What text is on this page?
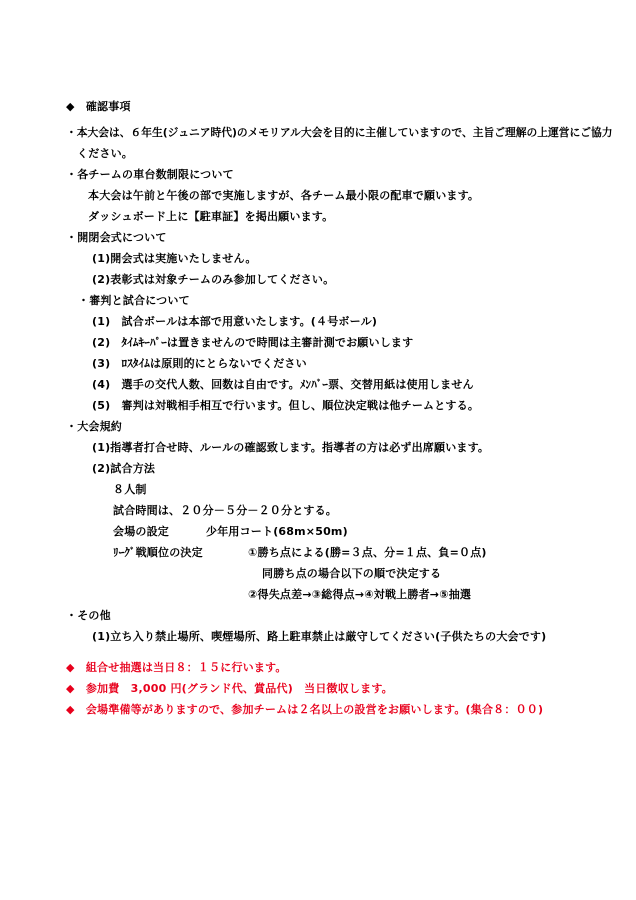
◆　確認事項
・本大会は、６年生(ジュニア時代)のメモリアル大会を目的に主催していますので、主旨ご理解の上運営にご協力
ください。
・各チームの車台数制限について
本大会は午前と午後の部で実施しますが、各チーム最小限の配車で願います。
ダッシュボード上に【駐車証】を掲出願います。
・開閉会式について
(1)開会式は実施いたしません。
(2)表彰式は対象チームのみ参加してください。
・審判と試合について
(1)　試合ボールは本部で用意いたします。(４号ボール)
(2)　ﾀｲﾑｷｰﾊﾟｰは置きませんので時間は主審計測でお願いします
(3)　ﾛｽﾀｲﾑは原則的にとらないでください
(4)　選手の交代人数、回数は自由です。ﾒﾝﾊﾞｰ票、交替用紙は使用しません
(5)　審判は対戦相手相互で行います。但し、順位決定戦は他チームとする。
・大会規約
(1)指導者打合せ時、ルールの確認致します。指導者の方は必ず出席願います。
(2)試合方法
８人制
試合時間は、２０分－５分－２０分とする。
会場の設定	少年用コート(68m×50m)
ﾘｰｸﾞ戦順位の決定	①勝ち点による(勝=３点、分=１点、負=０点)
同勝ち点の場合以下の順で決定する
②得失点差→③総得点→④対戦上勝者→⑤抽選
・その他
(1)立ち入り禁止場所、喫煙場所、路上駐車禁止は厳守してください(子供たちの大会です)
◆　組合せ抽選は当日８：１５に行います。
◆　参加費　3,000 円(グランド代、賞品代)　当日徴収します。
◆　会場準備等がありますので、参加チームは２名以上の設営をお願いします。(集合８：００)
